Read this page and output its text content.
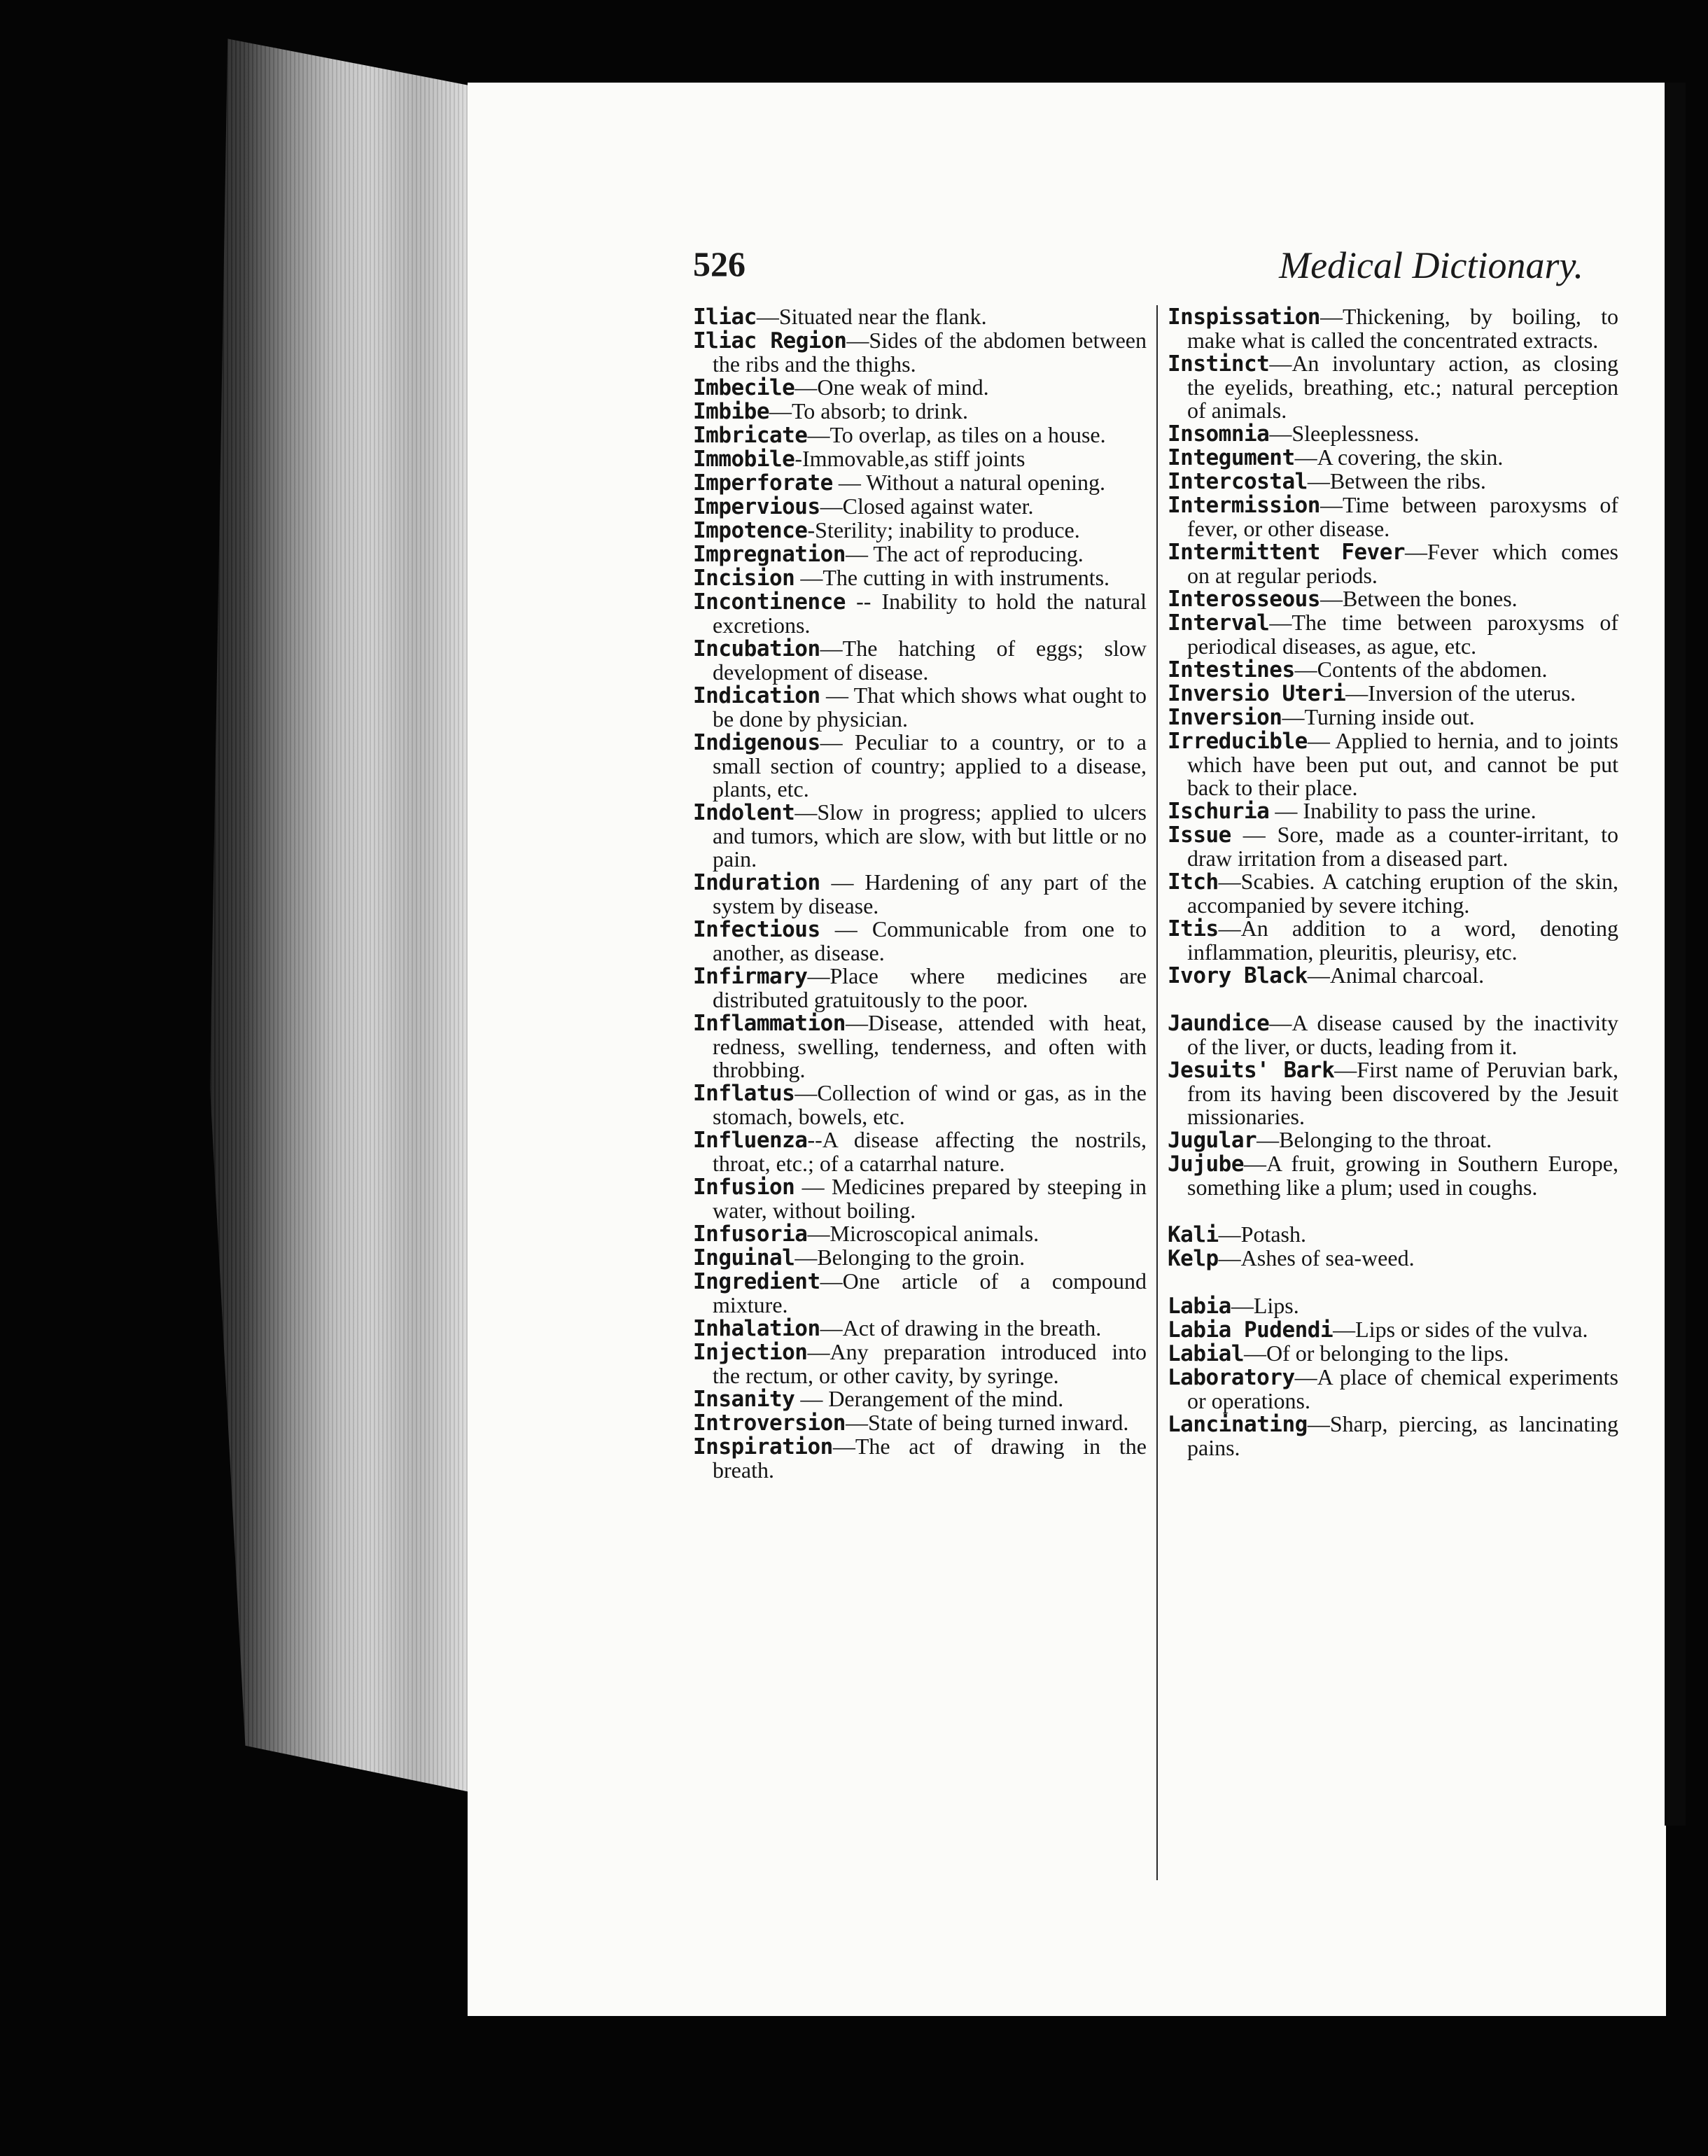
526	Medical Dictionary.

Iliac—Situated near the flank.

Iliac Region—Sides of the abdomen between the ribs and the thighs.

Imbecile—One weak of mind.

Imbibe—To absorb; to drink.

Imbricate—To overlap, as tiles on a house.

Immobile-Immovable,as stiff joints

Imperforate — Without a natural opening.

Impervious—Closed against water.

Impotence-Sterility; inability to produce.

Impregnation— The act of reproducing.

Incision —The cutting in with instruments.

Incontinence -- Inability to hold the natural excretions.

Incubation—The hatching of eggs; slow development of disease.

Indication — That which shows what ought to be done by physician.

Indigenous— Peculiar to a country, or to a small section of country; applied to a disease, plants, etc.

Indolent—Slow in progress; applied to ulcers and tumors, which are slow, with but little or no pain.

Induration — Hardening of any part of the system by disease.

Infectious — Communicable from one to another, as disease.

Infirmary—Place where medicines are distributed gratuitously to the poor.

Inflammation—Disease, attended with heat, redness, swelling, tenderness, and often with throbbing.

Inflatus—Collection of wind or gas, as in the stomach, bowels, etc.

Influenza--A disease affecting the nostrils, throat, etc.; of a catarrhal nature.

Infusion — Medicines prepared by steeping in water, without boiling.

Infusoria—Microscopical animals.

Inguinal—Belonging to the groin.

Ingredient—One article of a compound mixture.

Inhalation—Act of drawing in the breath.

Injection—Any preparation introduced into the rectum, or other cavity, by syringe.

Insanity — Derangement of the mind.

Introversion—State of being turned inward.

Inspiration—The act of drawing in the breath.

Inspissation—Thickening, by boiling, to make what is called the concentrated extracts.

Instinct—An involuntary action, as closing the eyelids, breathing, etc.; natural perception of animals.

Insomnia—Sleeplessness.

Integument—A covering, the skin.

Intercostal—Between the ribs.

Intermission—Time between paroxysms of fever, or other disease.

Intermittent Fever—Fever which comes on at regular periods.

Interosseous—Between the bones.

Interval—The time between paroxysms of periodical diseases, as ague, etc.

Intestines—Contents of the abdomen.

Inversio Uteri—Inversion of the uterus.

Inversion—Turning inside out.

Irreducible— Applied to hernia, and to joints which have been put out, and cannot be put back to their place.

Ischuria — Inability to pass the urine.

Issue — Sore, made as a counter-irritant, to draw irritation from a diseased part.

Itch—Scabies. A catching eruption of the skin, accompanied by severe itching.

Itis—An addition to a word, denoting inflammation, pleuritis, pleurisy, etc.

Ivory Black—Animal charcoal.

Jaundice—A disease caused by the inactivity of the liver, or ducts, leading from it.

Jesuits' Bark—First name of Peruvian bark, from its having been discovered by the Jesuit missionaries.

Jugular—Belonging to the throat.

Jujube—A fruit, growing in Southern Europe, something like a plum; used in coughs.

Kali—Potash.

Kelp—Ashes of sea-weed.

Labia—Lips.

Labia Pudendi—Lips or sides of the vulva.

Labial—Of or belonging to the lips.

Laboratory—A place of chemical experiments or operations.

Lancinating—Sharp, piercing, as lancinating pains.
